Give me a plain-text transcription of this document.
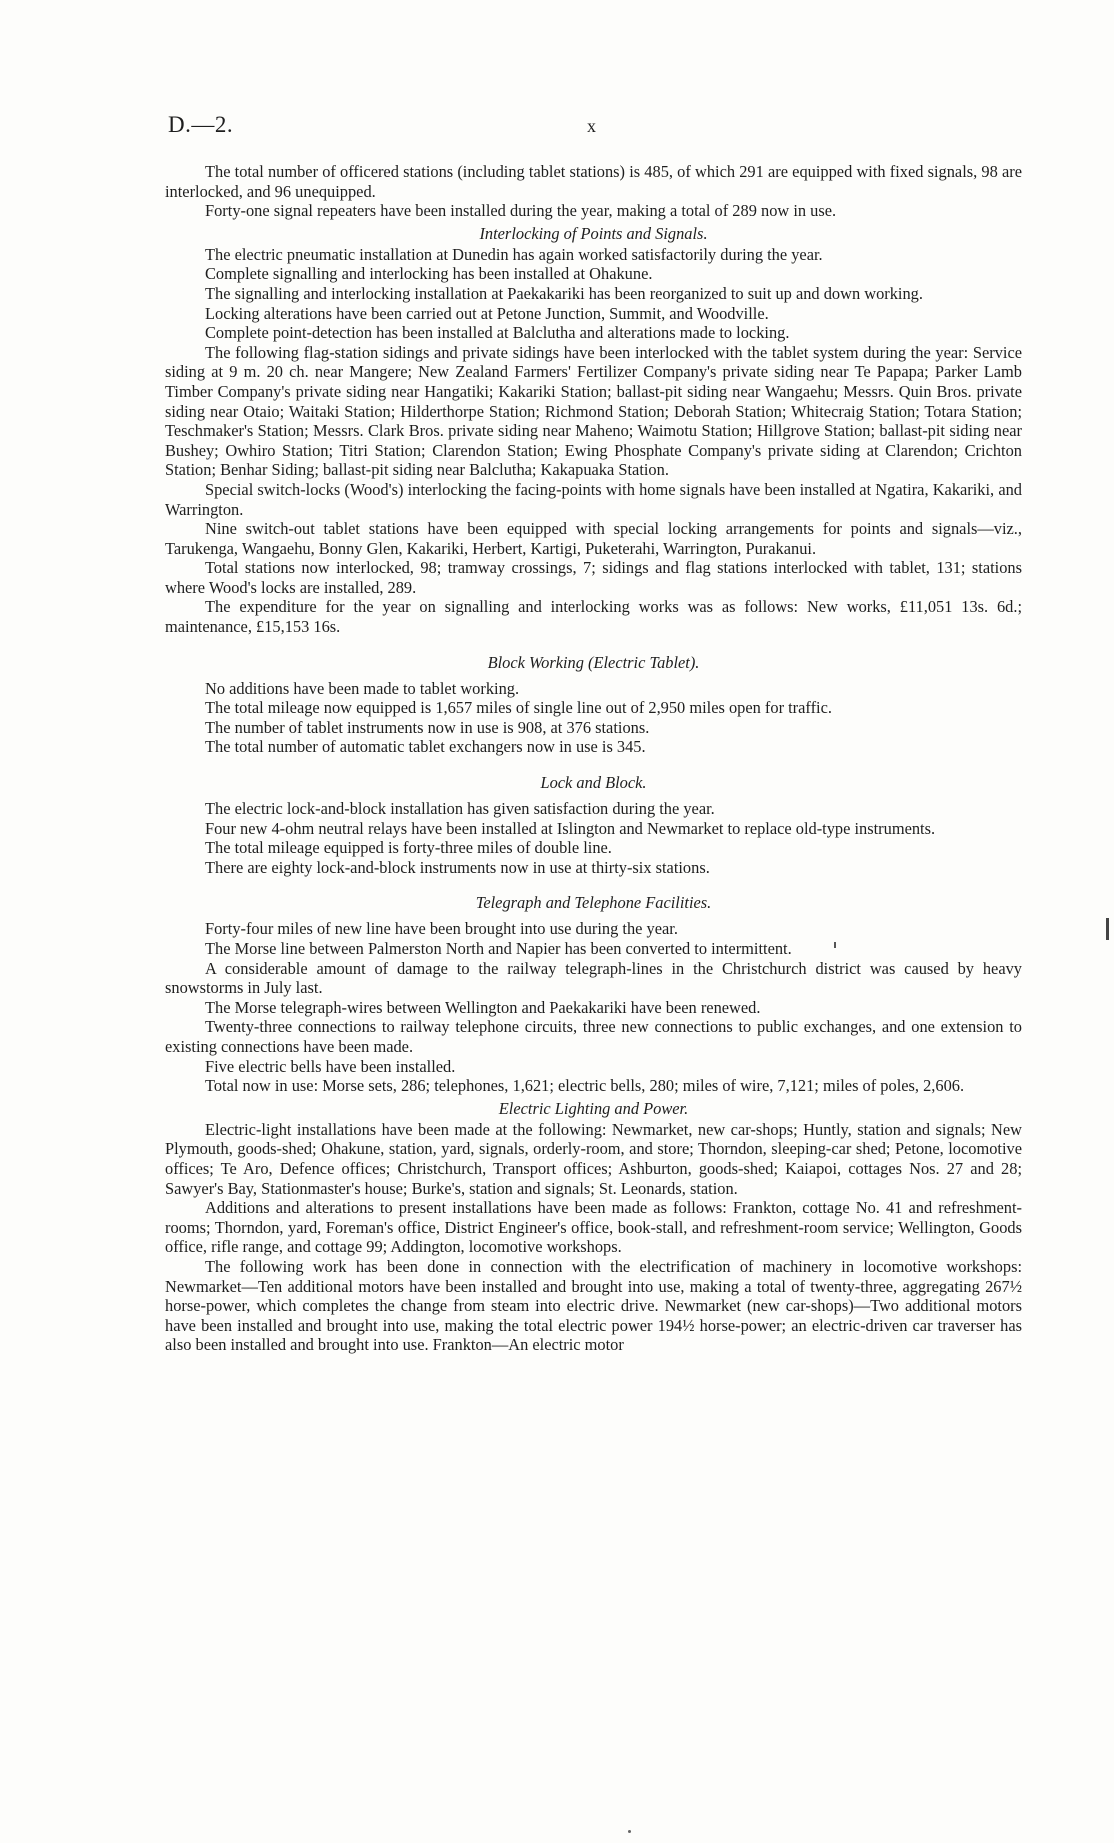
D.—2.	x

The total number of officered stations (including tablet stations) is 485, of which 291 are equipped with fixed signals, 98 are interlocked, and 96 unequipped.

Forty-one signal repeaters have been installed during the year, making a total of 289 now in use.

Interlocking of Points and Signals.

The electric pneumatic installation at Dunedin has again worked satisfactorily during the year.

Complete signalling and interlocking has been installed at Ohakune.

The signalling and interlocking installation at Paekakariki has been reorganized to suit up and down working.

Locking alterations have been carried out at Petone Junction, Summit, and Woodville.

Complete point-detection has been installed at Balclutha and alterations made to locking.

The following flag-station sidings and private sidings have been interlocked with the tablet system during the year: Service siding at 9 m. 20 ch. near Mangere; New Zealand Farmers' Fertilizer Company's private siding near Te Papapa; Parker Lamb Timber Company's private siding near Hangatiki; Kakariki Station; ballast-pit siding near Wangaehu; Messrs. Quin Bros. private siding near Otaio; Waitaki Station; Hilderthorpe Station; Richmond Station; Deborah Station; Whitecraig Station; Totara Station; Teschmaker's Station; Messrs. Clark Bros. private siding near Maheno; Waimotu Station; Hillgrove Station; ballast-pit siding near Bushey; Owhiro Station; Titri Station; Clarendon Station; Ewing Phosphate Company's private siding at Clarendon; Crichton Station; Benhar Siding; ballast-pit siding near Balclutha; Kakapuaka Station.

Special switch-locks (Wood's) interlocking the facing-points with home signals have been installed at Ngatira, Kakariki, and Warrington.

Nine switch-out tablet stations have been equipped with special locking arrangements for points and signals—viz., Tarukenga, Wangaehu, Bonny Glen, Kakariki, Herbert, Kartigi, Puketerahi, Warrington, Purakanui.

Total stations now interlocked, 98; tramway crossings, 7; sidings and flag stations interlocked with tablet, 131; stations where Wood's locks are installed, 289.

The expenditure for the year on signalling and interlocking works was as follows: New works, £11,051 13s. 6d.; maintenance, £15,153 16s.

Block Working (Electric Tablet).

No additions have been made to tablet working.

The total mileage now equipped is 1,657 miles of single line out of 2,950 miles open for traffic.

The number of tablet instruments now in use is 908, at 376 stations.

The total number of automatic tablet exchangers now in use is 345.

Lock and Block.

The electric lock-and-block installation has given satisfaction during the year.

Four new 4-ohm neutral relays have been installed at Islington and Newmarket to replace old-type instruments.

The total mileage equipped is forty-three miles of double line.

There are eighty lock-and-block instruments now in use at thirty-six stations.

Telegraph and Telephone Facilities.

Forty-four miles of new line have been brought into use during the year.

The Morse line between Palmerston North and Napier has been converted to intermittent.

A considerable amount of damage to the railway telegraph-lines in the Christchurch district was caused by heavy snowstorms in July last.

The Morse telegraph-wires between Wellington and Paekakariki have been renewed.

Twenty-three connections to railway telephone circuits, three new connections to public exchanges, and one extension to existing connections have been made.

Five electric bells have been installed.

Total now in use: Morse sets, 286; telephones, 1,621; electric bells, 280; miles of wire, 7,121; miles of poles, 2,606.

Electric Lighting and Power.

Electric-light installations have been made at the following: Newmarket, new car-shops; Huntly, station and signals; New Plymouth, goods-shed; Ohakune, station, yard, signals, orderly-room, and store; Thorndon, sleeping-car shed; Petone, locomotive offices; Te Aro, Defence offices; Christchurch, Transport offices; Ashburton, goods-shed; Kaiapoi, cottages Nos. 27 and 28; Sawyer's Bay, Stationmaster's house; Burke's, station and signals; St. Leonards, station.

Additions and alterations to present installations have been made as follows: Frankton, cottage No. 41 and refreshment-rooms; Thorndon, yard, Foreman's office, District Engineer's office, book-stall, and refreshment-room service; Wellington, Goods office, rifle range, and cottage 99; Addington, locomotive workshops.

The following work has been done in connection with the electrification of machinery in locomotive workshops: Newmarket—Ten additional motors have been installed and brought into use, making a total of twenty-three, aggregating 267½ horse-power, which completes the change from steam into electric drive. Newmarket (new car-shops)—Two additional motors have been installed and brought into use, making the total electric power 194½ horse-power; an electric-driven car traverser has also been installed and brought into use. Frankton—An electric motor
